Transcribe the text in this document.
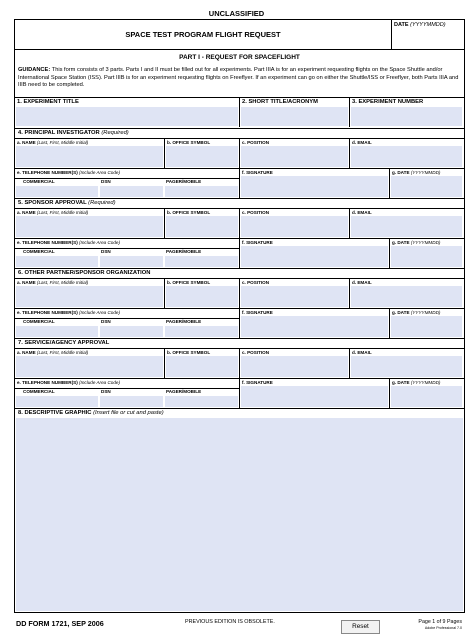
UNCLASSIFIED
SPACE TEST PROGRAM FLIGHT REQUEST
DATE (YYYYMMDD)
PART I - REQUEST FOR SPACEFLIGHT
GUIDANCE: This form consists of 3 parts. Parts I and II must be filled out for all experiments. Part IIIA is for an experiment requesting flights on the Space Shuttle and/or International Space Station (ISS). Part IIIB is for an experiment requesting flights on Freeflyer. If an experiment can go on either the Shuttle/ISS or Freeflyer, both Parts IIIA and IIIB need to be completed.
1. EXPERIMENT TITLE	2. SHORT TITLE/ACRONYM	3. EXPERIMENT NUMBER
4. PRINCIPAL INVESTIGATOR (Required)
a. NAME (Last, First, Middle Initial)	b. OFFICE SYMBOL	c. POSITION	d. EMAIL
e. TELEPHONE NUMBER(S) (Include Area Code)
COMMERCIAL	DSN	PAGER/MOBILE
f. SIGNATURE	g. DATE (YYYYMMDD)
5. SPONSOR APPROVAL (Required)
a. NAME (Last, First, Middle Initial)	b. OFFICE SYMBOL	c. POSITION	d. EMAIL
e. TELEPHONE NUMBER(S) (Include Area Code)
COMMERCIAL	DSN	PAGER/MOBILE
f. SIGNATURE	g. DATE (YYYYMMDD)
6. OTHER PARTNER/SPONSOR ORGANIZATION
a. NAME (Last, First, Middle Initial)	b. OFFICE SYMBOL	c. POSITION	d. EMAIL
e. TELEPHONE NUMBER(S) (Include Area Code)
COMMERCIAL	DSN	PAGER/MOBILE
f. SIGNATURE	g. DATE (YYYYMMDD)
7. SERVICE/AGENCY APPROVAL
a. NAME (Last, First, Middle Initial)	b. OFFICE SYMBOL	c. POSITION	d. EMAIL
e. TELEPHONE NUMBER(S) (Include Area Code)
COMMERCIAL	DSN	PAGER/MOBILE
f. SIGNATURE	g. DATE (YYYYMMDD)
8. DESCRIPTIVE GRAPHIC (Insert file or cut and paste)
DD FORM 1721, SEP 2006	PREVIOUS EDITION IS OBSOLETE.
Reset
Page 1 of 9 Pages
Adobe Professional 7.0
